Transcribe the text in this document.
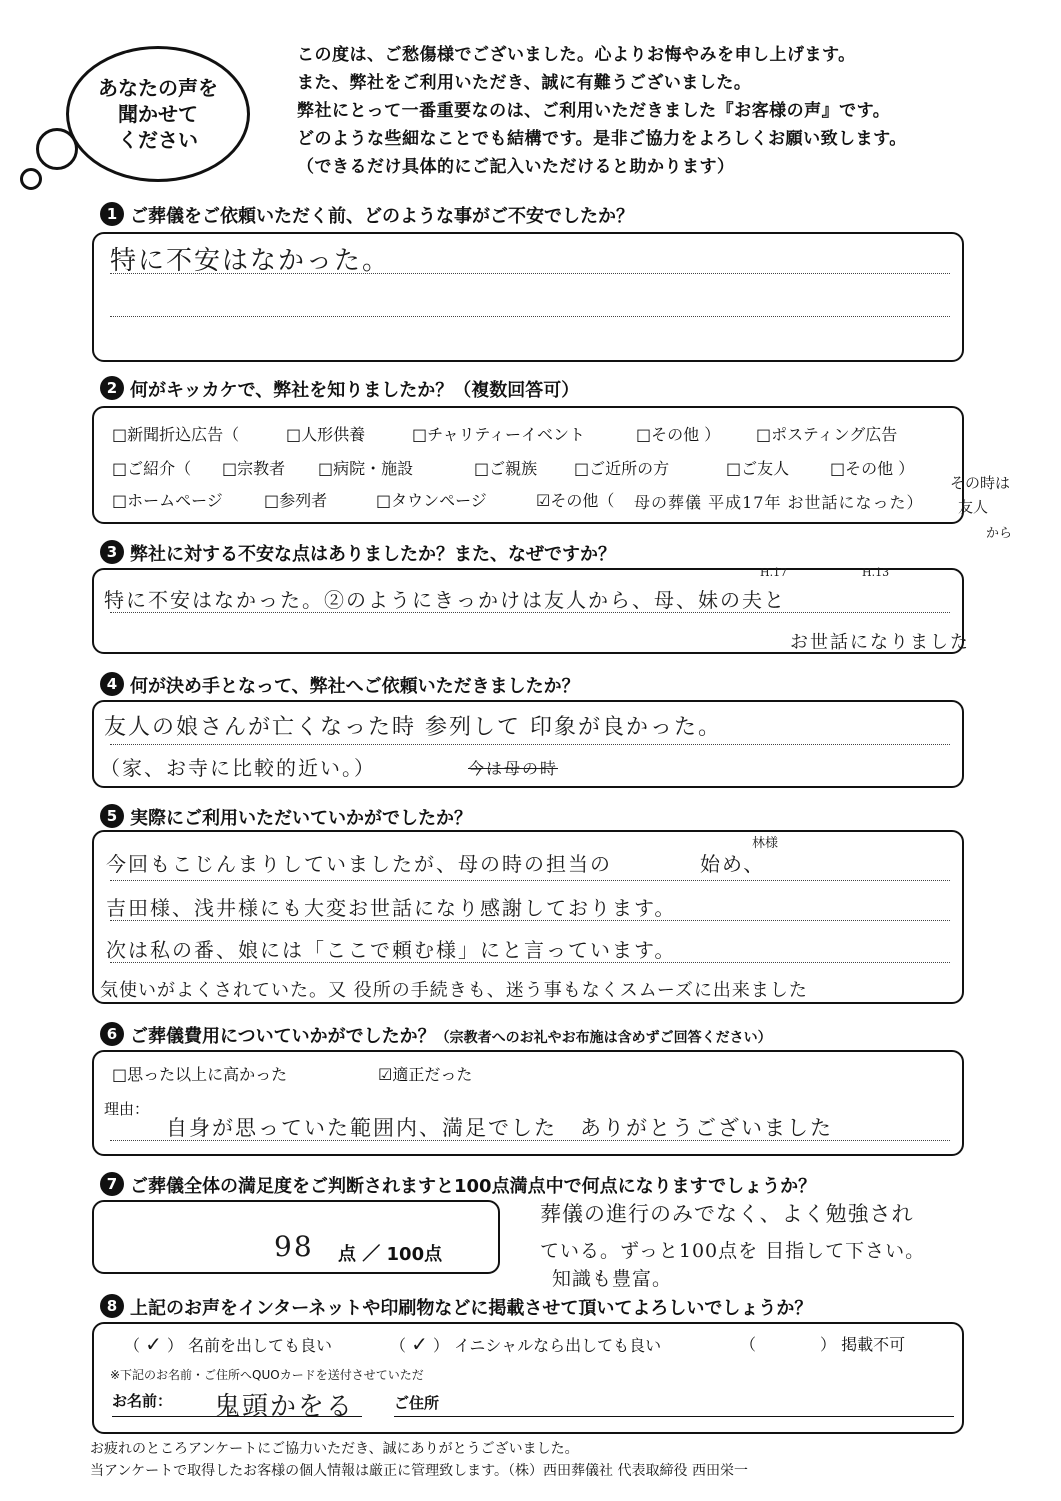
あなたの声を
聞かせて
ください
この度は、ご愁傷様でございました。心よりお悔やみを申し上げます。
また、弊社をご利用いただき、誠に有難うございました。
弊社にとって一番重要なのは、ご利用いただきました『お客様の声』です。
どのような些細なことでも結構です。是非ご協力をよろしくお願い致します。
（できるだけ具体的にご記入いただけると助かります）
1 ご葬儀をご依頼いただく前、どのような事がご不安でしたか？
特に不安はなかった。
2 何がキッカケで、弊社を知りましたか？（複数回答可）
□新聞折込広告（	□人形供養	□チャリティーイベント	□その他 ） □ポスティング広告
□ご紹介（ □宗教者 □病院・施設	□ご親族 □ご近所の方	□ご友人	□その他 ）
□ホームページ	□参列者	□タウンページ	☑その他（ 母の葬儀 平成17年 お世話になった）
その時は
友人
から
3 弊社に対する不安な点はありましたか？また、なぜですか？
特に不安はなかった。②のようにきっかけは友人から、母、妹の夫と
お世話になりました
H.17	H.13
4 何が決め手となって、弊社へご依頼いただきましたか？
友人の娘さんが亡くなった時 参列して 印象が良かった。
（家、お寺に比較的近い。）	今は母の時
5 実際にご利用いただいていかがでしたか？
今回もこじんまりしていましたが、母の時の担当の　　　　始め、
吉田様、浅井様にも大変お世話になり感謝しております。
次は私の番、娘には「ここで頼む様」にと言っています。
気使いがよくされていた。又 役所の手続きも、迷う事もなくスムーズに出来ました
林様
6 ご葬儀費用についていかがでしたか？（宗教者へのお礼やお布施は含めずご回答ください）
□思った以上に高かった	☑適正だった
理由：
自身が思っていた範囲内、満足でした　ありがとうございました
7 ご葬儀全体の満足度をご判断されますと100点満点中で何点になりますでしょうか？
98 点 ／ 100点
葬儀の進行のみでなく、よく勉強され
ている。ずっと100点を 目指して下さい。
知識も豊富。
8 上記のお声をインターネットや印刷物などに掲載させて頂いてよろしいでしょうか？
（ ✓ ） 名前を出しても良い	（ ✓ ） イニシャルなら出しても良い	（　　　　） 掲載不可
※下記のお名前・ご住所へQUOカードを送付させていただ
お名前： 鬼頭かをる	ご住所
お疲れのところアンケートにご協力いただき、誠にありがとうございました。
当アンケートで取得したお客様の個人情報は厳正に管理致します。（株）西田葬儀社 代表取締役 西田栄一
